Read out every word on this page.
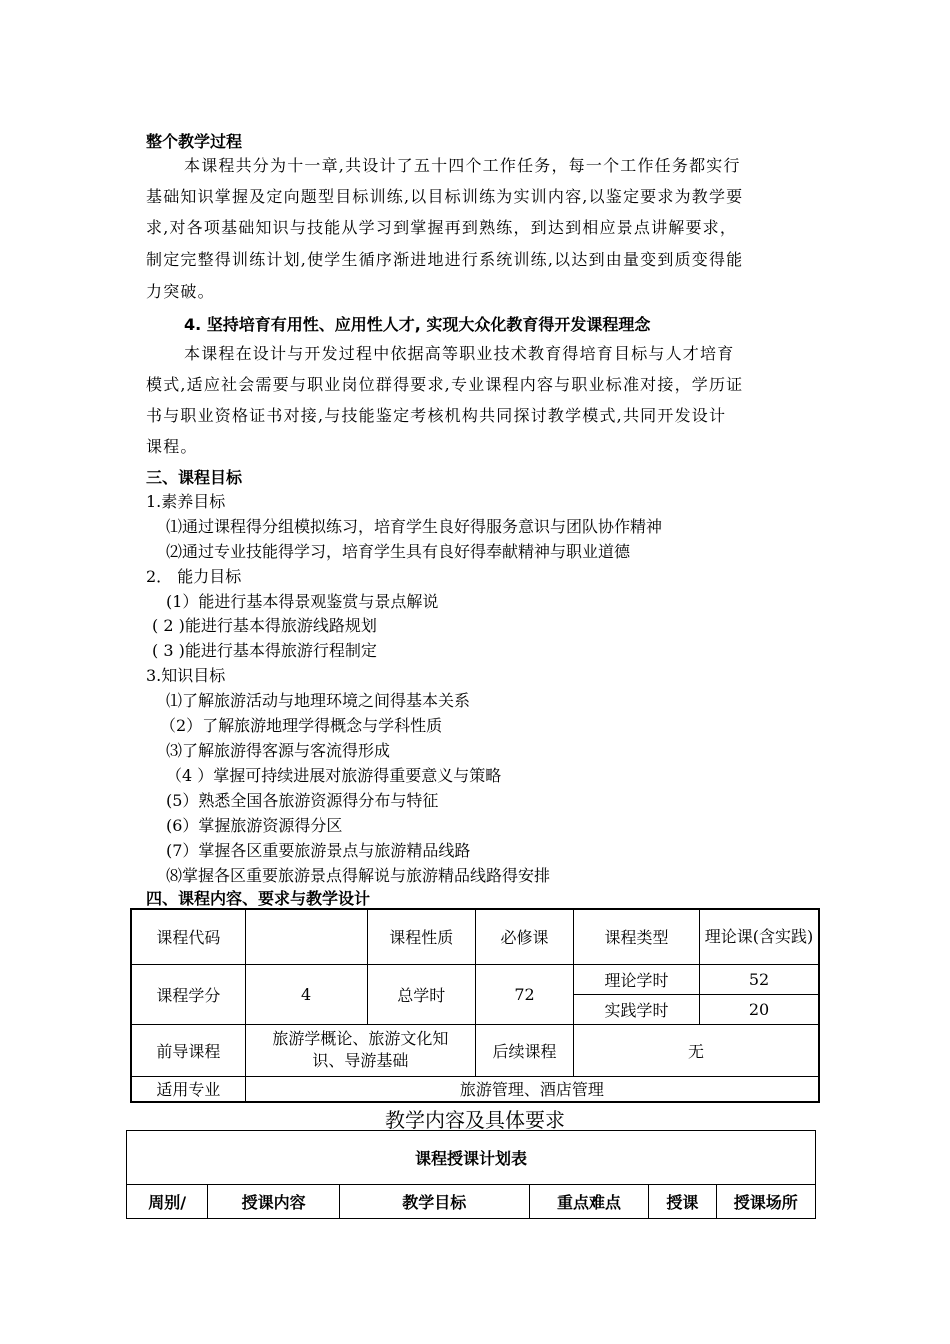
整个教学过程
本课程共分为十一章,共设计了五十四个工作任务，每一个工作任务都实行
基础知识掌握及定向题型目标训练,以目标训练为实训内容,以鉴定要求为教学要
求,对各项基础知识与技能从学习到掌握再到熟练，到达到相应景点讲解要求，
制定完整得训练计划,使学生循序渐进地进行系统训练,以达到由量变到质变得能
力突破。
4. 坚持培育有用性、应用性人才, 实现大众化教育得开发课程理念
本课程在设计与开发过程中依据高等职业技术教育得培育目标与人才培育
模式,适应社会需要与职业岗位群得要求,专业课程内容与职业标准对接，学历证
书与职业资格证书对接,与技能鉴定考核机构共同探讨教学模式,共同开发设计
课程。
三、课程目标
1.素养目标
⑴通过课程得分组模拟练习，培育学生良好得服务意识与团队协作精神
⑵通过专业技能得学习，培育学生具有良好得奉献精神与职业道德
2． 能力目标
(1）能进行基本得景观鉴赏与景点解说
( 2 )能进行基本得旅游线路规划
( 3 )能进行基本得旅游行程制定
3.知识目标
⑴了解旅游活动与地理环境之间得基本关系
（2）了解旅游地理学得概念与学科性质
⑶了解旅游得客源与客流得形成
（4 ）掌握可持续进展对旅游得重要意义与策略
(5）熟悉全国各旅游资源得分布与特征
(6）掌握旅游资源得分区
(7）掌握各区重要旅游景点与旅游精品线路
⑻掌握各区重要旅游景点得解说与旅游精品线路得安排
四、课程内容、要求与教学设计
课程代码		课程性质	必修课	课程类型	理论课(含实践)
课程学分	4	总学时	72	理论学时	52
				实践学时	20
前导课程	旅游学概论、旅游文化知识、导游基础		后续课程	无	
适用专业	旅游管理、酒店管理				
教学内容及具体要求
课程授课计划表
周别/	授课内容	教学目标	重点难点	授课	授课场所
